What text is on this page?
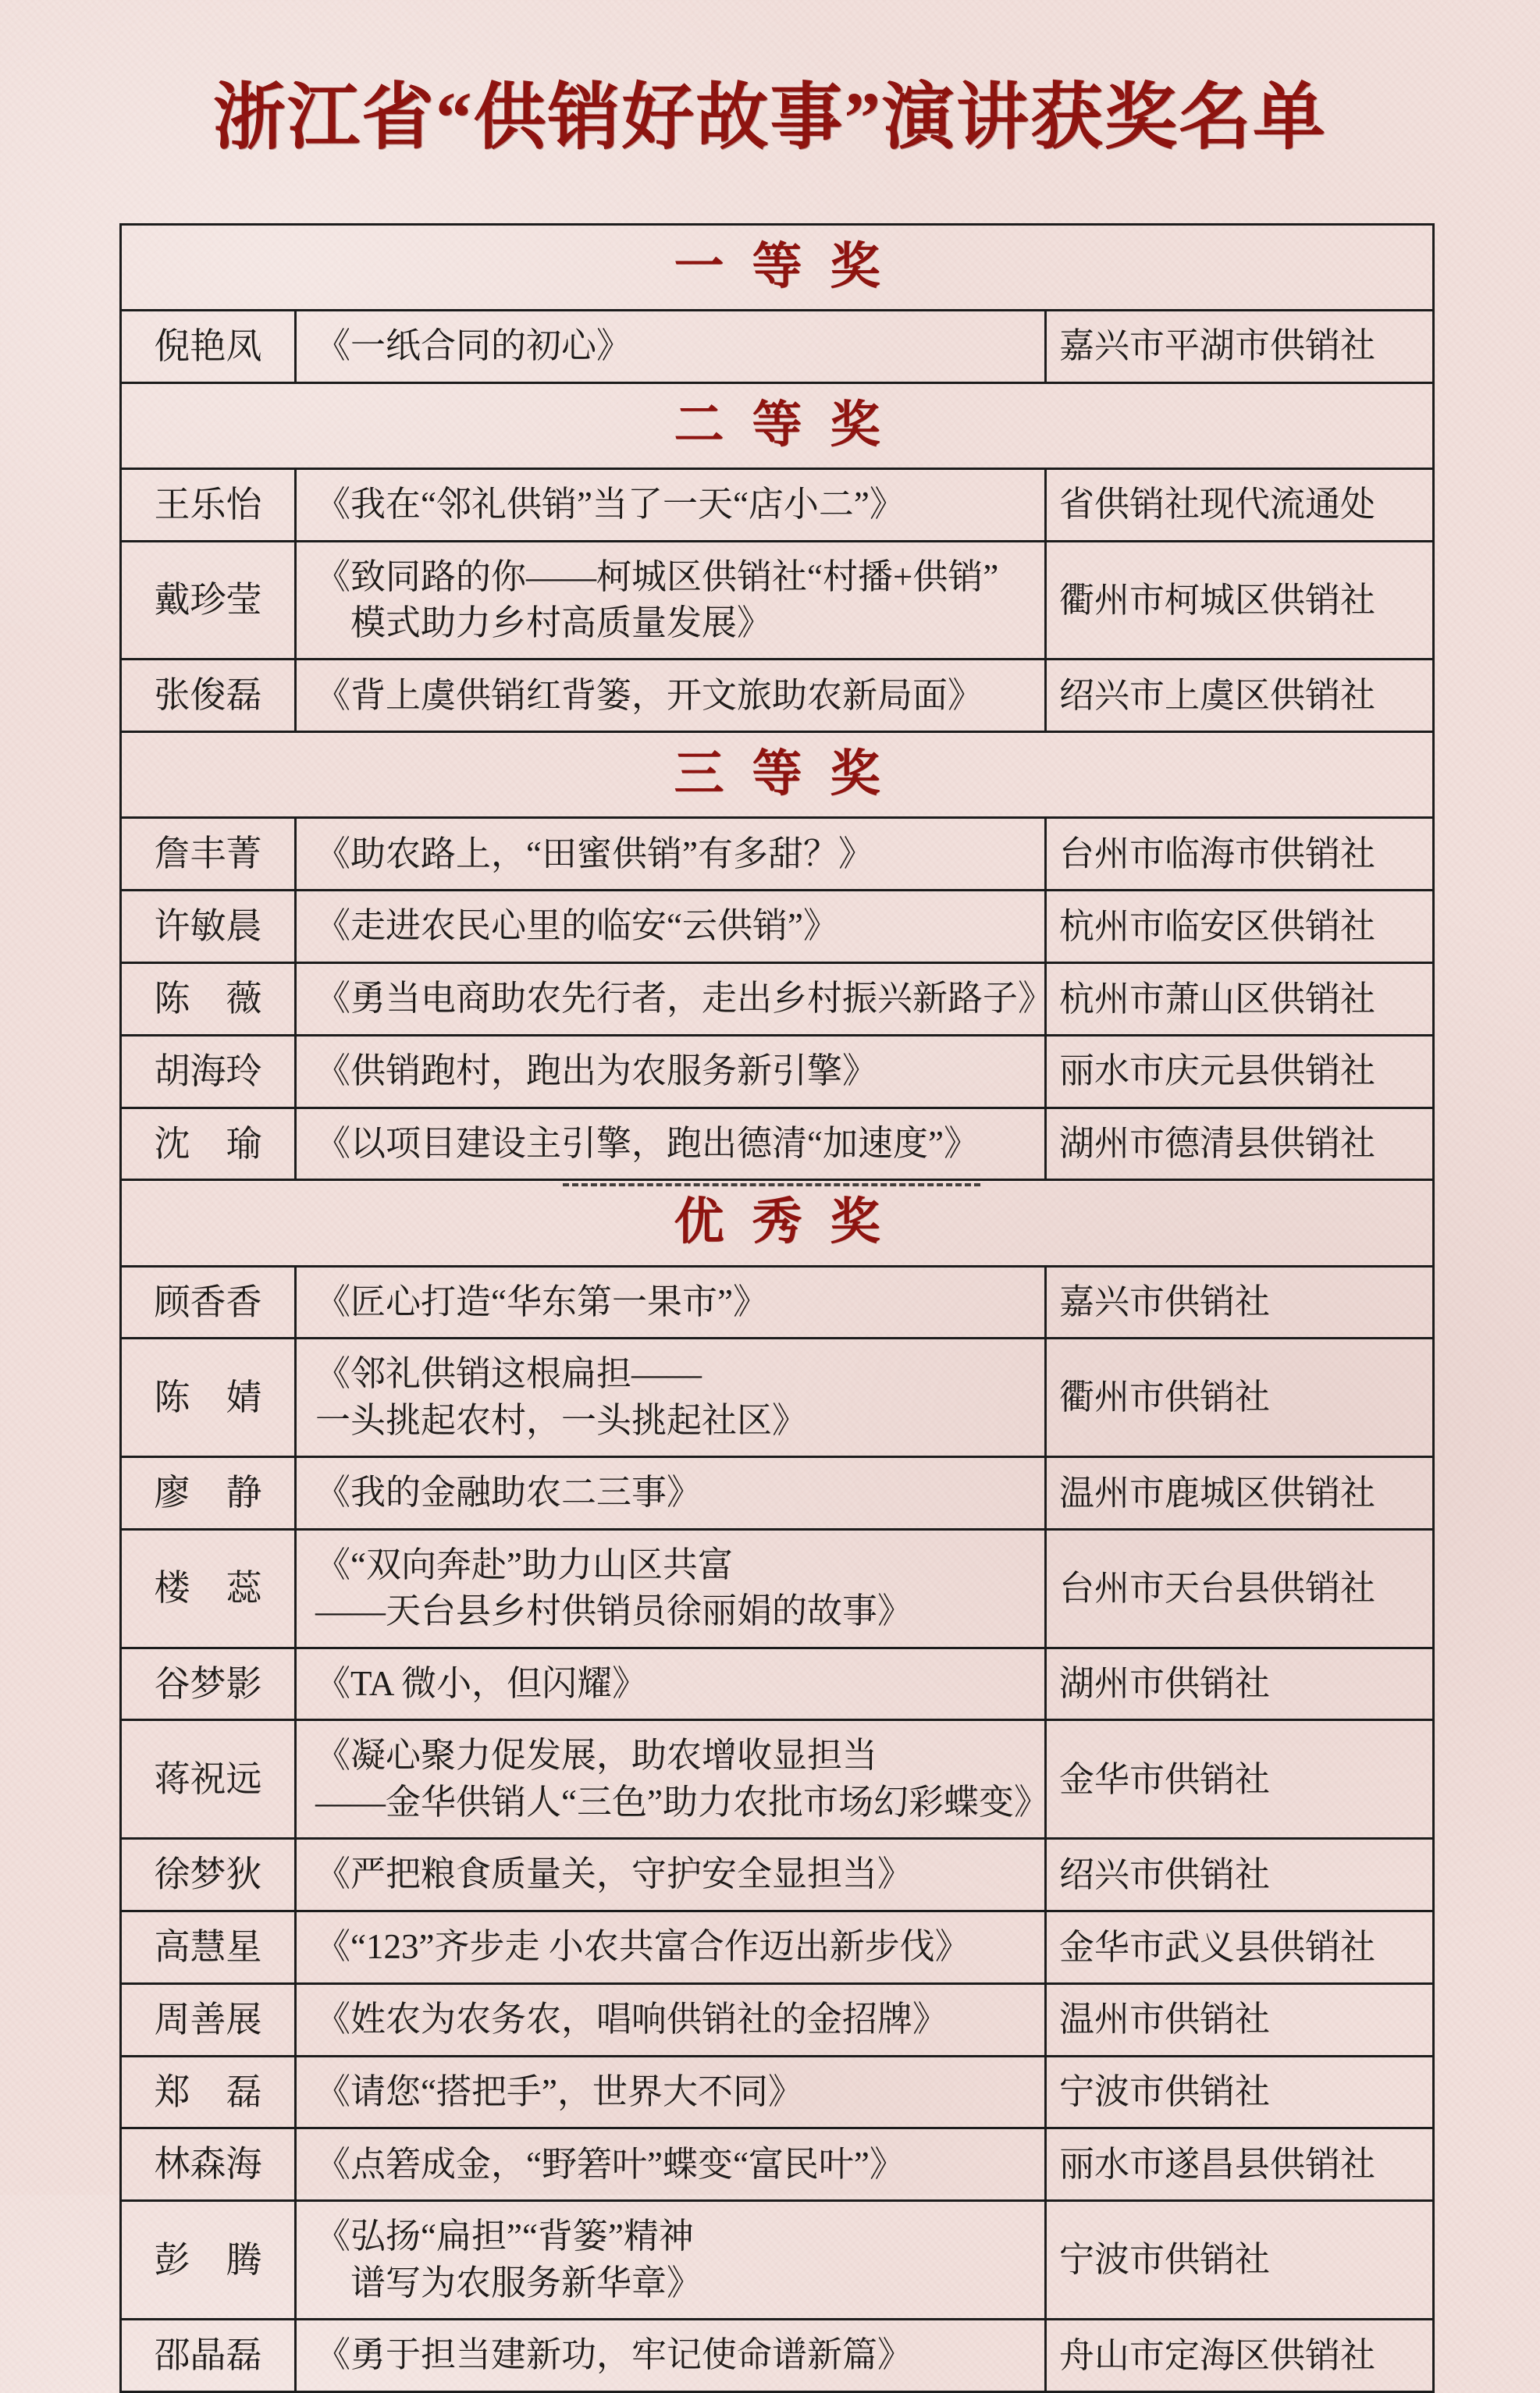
浙江省“供销好故事”演讲获奖名单
一 等 奖		
倪艳凤	《一纸合同的初心》	嘉兴市平湖市供销社
二 等 奖		
王乐怡	《我在“邻礼供销”当了一天“店小二”》	省供销社现代流通处
戴珍莹	《致同路的你——柯城区供销社“村播+供销”
　模式助力乡村高质量发展》	衢州市柯城区供销社
张俊磊	《背上虞供销红背篓，开文旅助农新局面》	绍兴市上虞区供销社
三 等 奖		
詹丰菁	《助农路上，“田蜜供销”有多甜？》	台州市临海市供销社
许敏晨	《走进农民心里的临安“云供销”》	杭州市临安区供销社
陈　薇	《勇当电商助农先行者，走出乡村振兴新路子》	杭州市萧山区供销社
胡海玲	《供销跑村，跑出为农服务新引擎》	丽水市庆元县供销社
沈　瑜	《以项目建设主引擎，跑出德清“加速度”》	湖州市德清县供销社

优 秀 奖		
顾香香	《匠心打造“华东第一果市”》	嘉兴市供销社
陈　婧	《邻礼供销这根扁担——
一头挑起农村，一头挑起社区》	衢州市供销社
廖　静	《我的金融助农二三事》	温州市鹿城区供销社
楼　蕊	《“双向奔赴”助力山区共富
——天台县乡村供销员徐丽娟的故事》	台州市天台县供销社
谷梦影	《TA 微小，但闪耀》	湖州市供销社
蒋祝远	《凝心聚力促发展，助农增收显担当
——金华供销人“三色”助力农批市场幻彩蝶变》	金华市供销社
徐梦狄	《严把粮食质量关，守护安全显担当》	绍兴市供销社
高慧星	《“123”齐步走 小农共富合作迈出新步伐》	金华市武义县供销社
周善展	《姓农为农务农，唱响供销社的金招牌》	温州市供销社
郑　磊	《请您“搭把手”，世界大不同》	宁波市供销社
林森海	《点箬成金，“野箬叶”蝶变“富民叶”》	丽水市遂昌县供销社
彭　腾	《弘扬“扁担”“背篓”精神
　谱写为农服务新华章》	宁波市供销社
邵晶磊	《勇于担当建新功，牢记使命谱新篇》	舟山市定海区供销社
